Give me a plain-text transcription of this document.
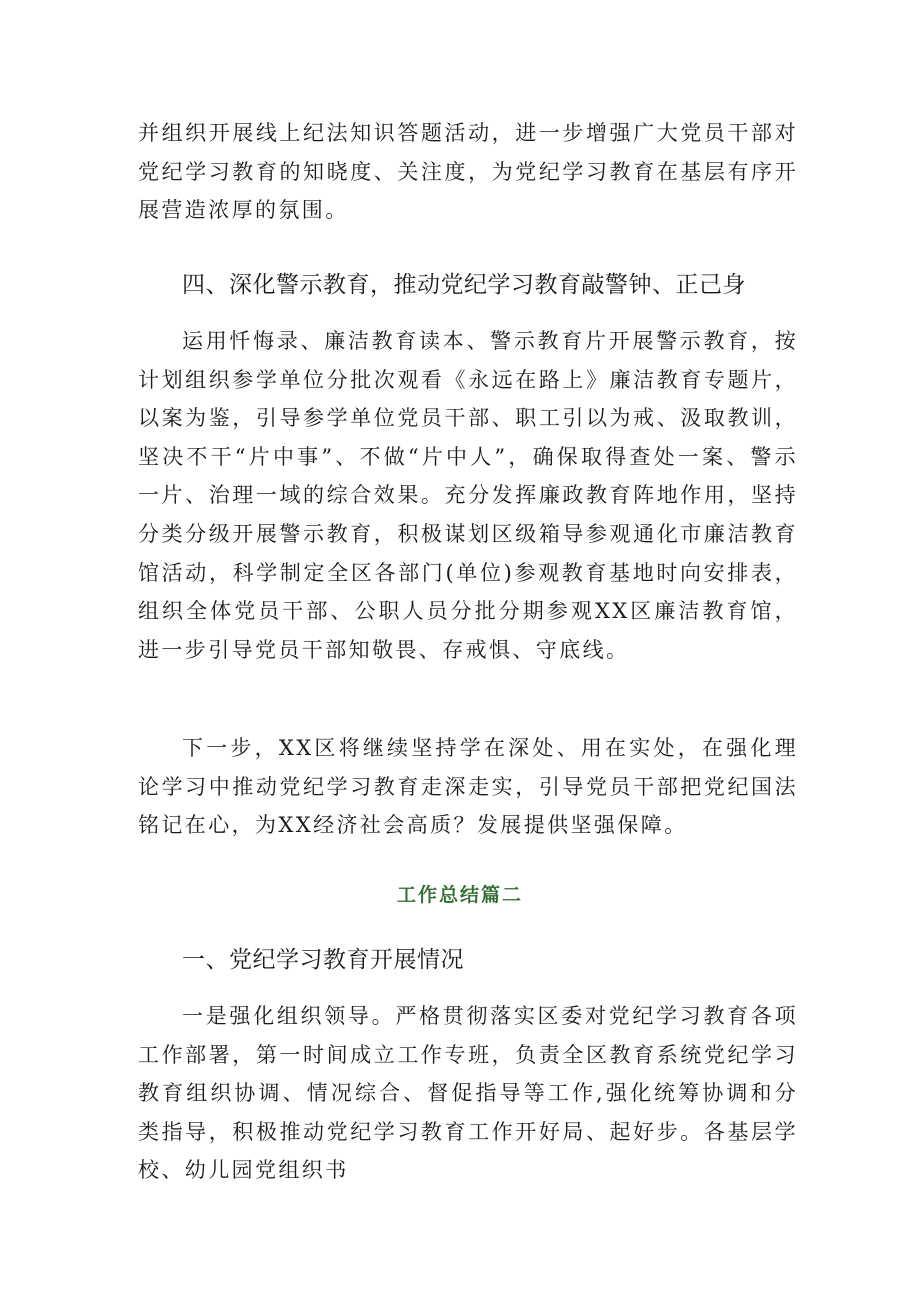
并组织开展线上纪法知识答题活动，进一步增强广大党员干部对党纪学习教育的知晓度、关注度，为党纪学习教育在基层有序开展营造浓厚的氛围。

四、深化警示教育，推动党纪学习教育敲警钟、正己身

运用忏悔录、廉洁教育读本、警示教育片开展警示教育，按计划组织参学单位分批次观看《永远在路上》廉洁教育专题片，以案为鉴，引导参学单位党员干部、职工引以为戒、汲取教训，坚决不干“片中事”、不做“片中人”，确保取得查处一案、警示一片、治理一域的综合效果。充分发挥廉政教育阵地作用，坚持分类分级开展警示教育，积极谋划区级箱导参观通化市廉洁教育馆活动，科学制定全区各部门(单位)参观教育基地时向安排表，组织全体党员干部、公职人员分批分期参观XX区廉洁教育馆，进一步引导党员干部知敬畏、存戒惧、守底线。

下一步，XX区将继续坚持学在深处、用在实处，在强化理论学习中推动党纪学习教育走深走实，引导党员干部把党纪国法铭记在心，为XX经济社会高质？发展提供坚强保障。

工作总结篇二
一、党纪学习教育开展情况

一是强化组织领导。严格贯彻落实区委对党纪学习教育各项工作部署，第一时间成立工作专班，负责全区教育系统党纪学习教育组织协调、情况综合、督促指导等工作,强化统筹协调和分类指导，积极推动党纪学习教育工作开好局、起好步。各基层学校、幼儿园党组织书
